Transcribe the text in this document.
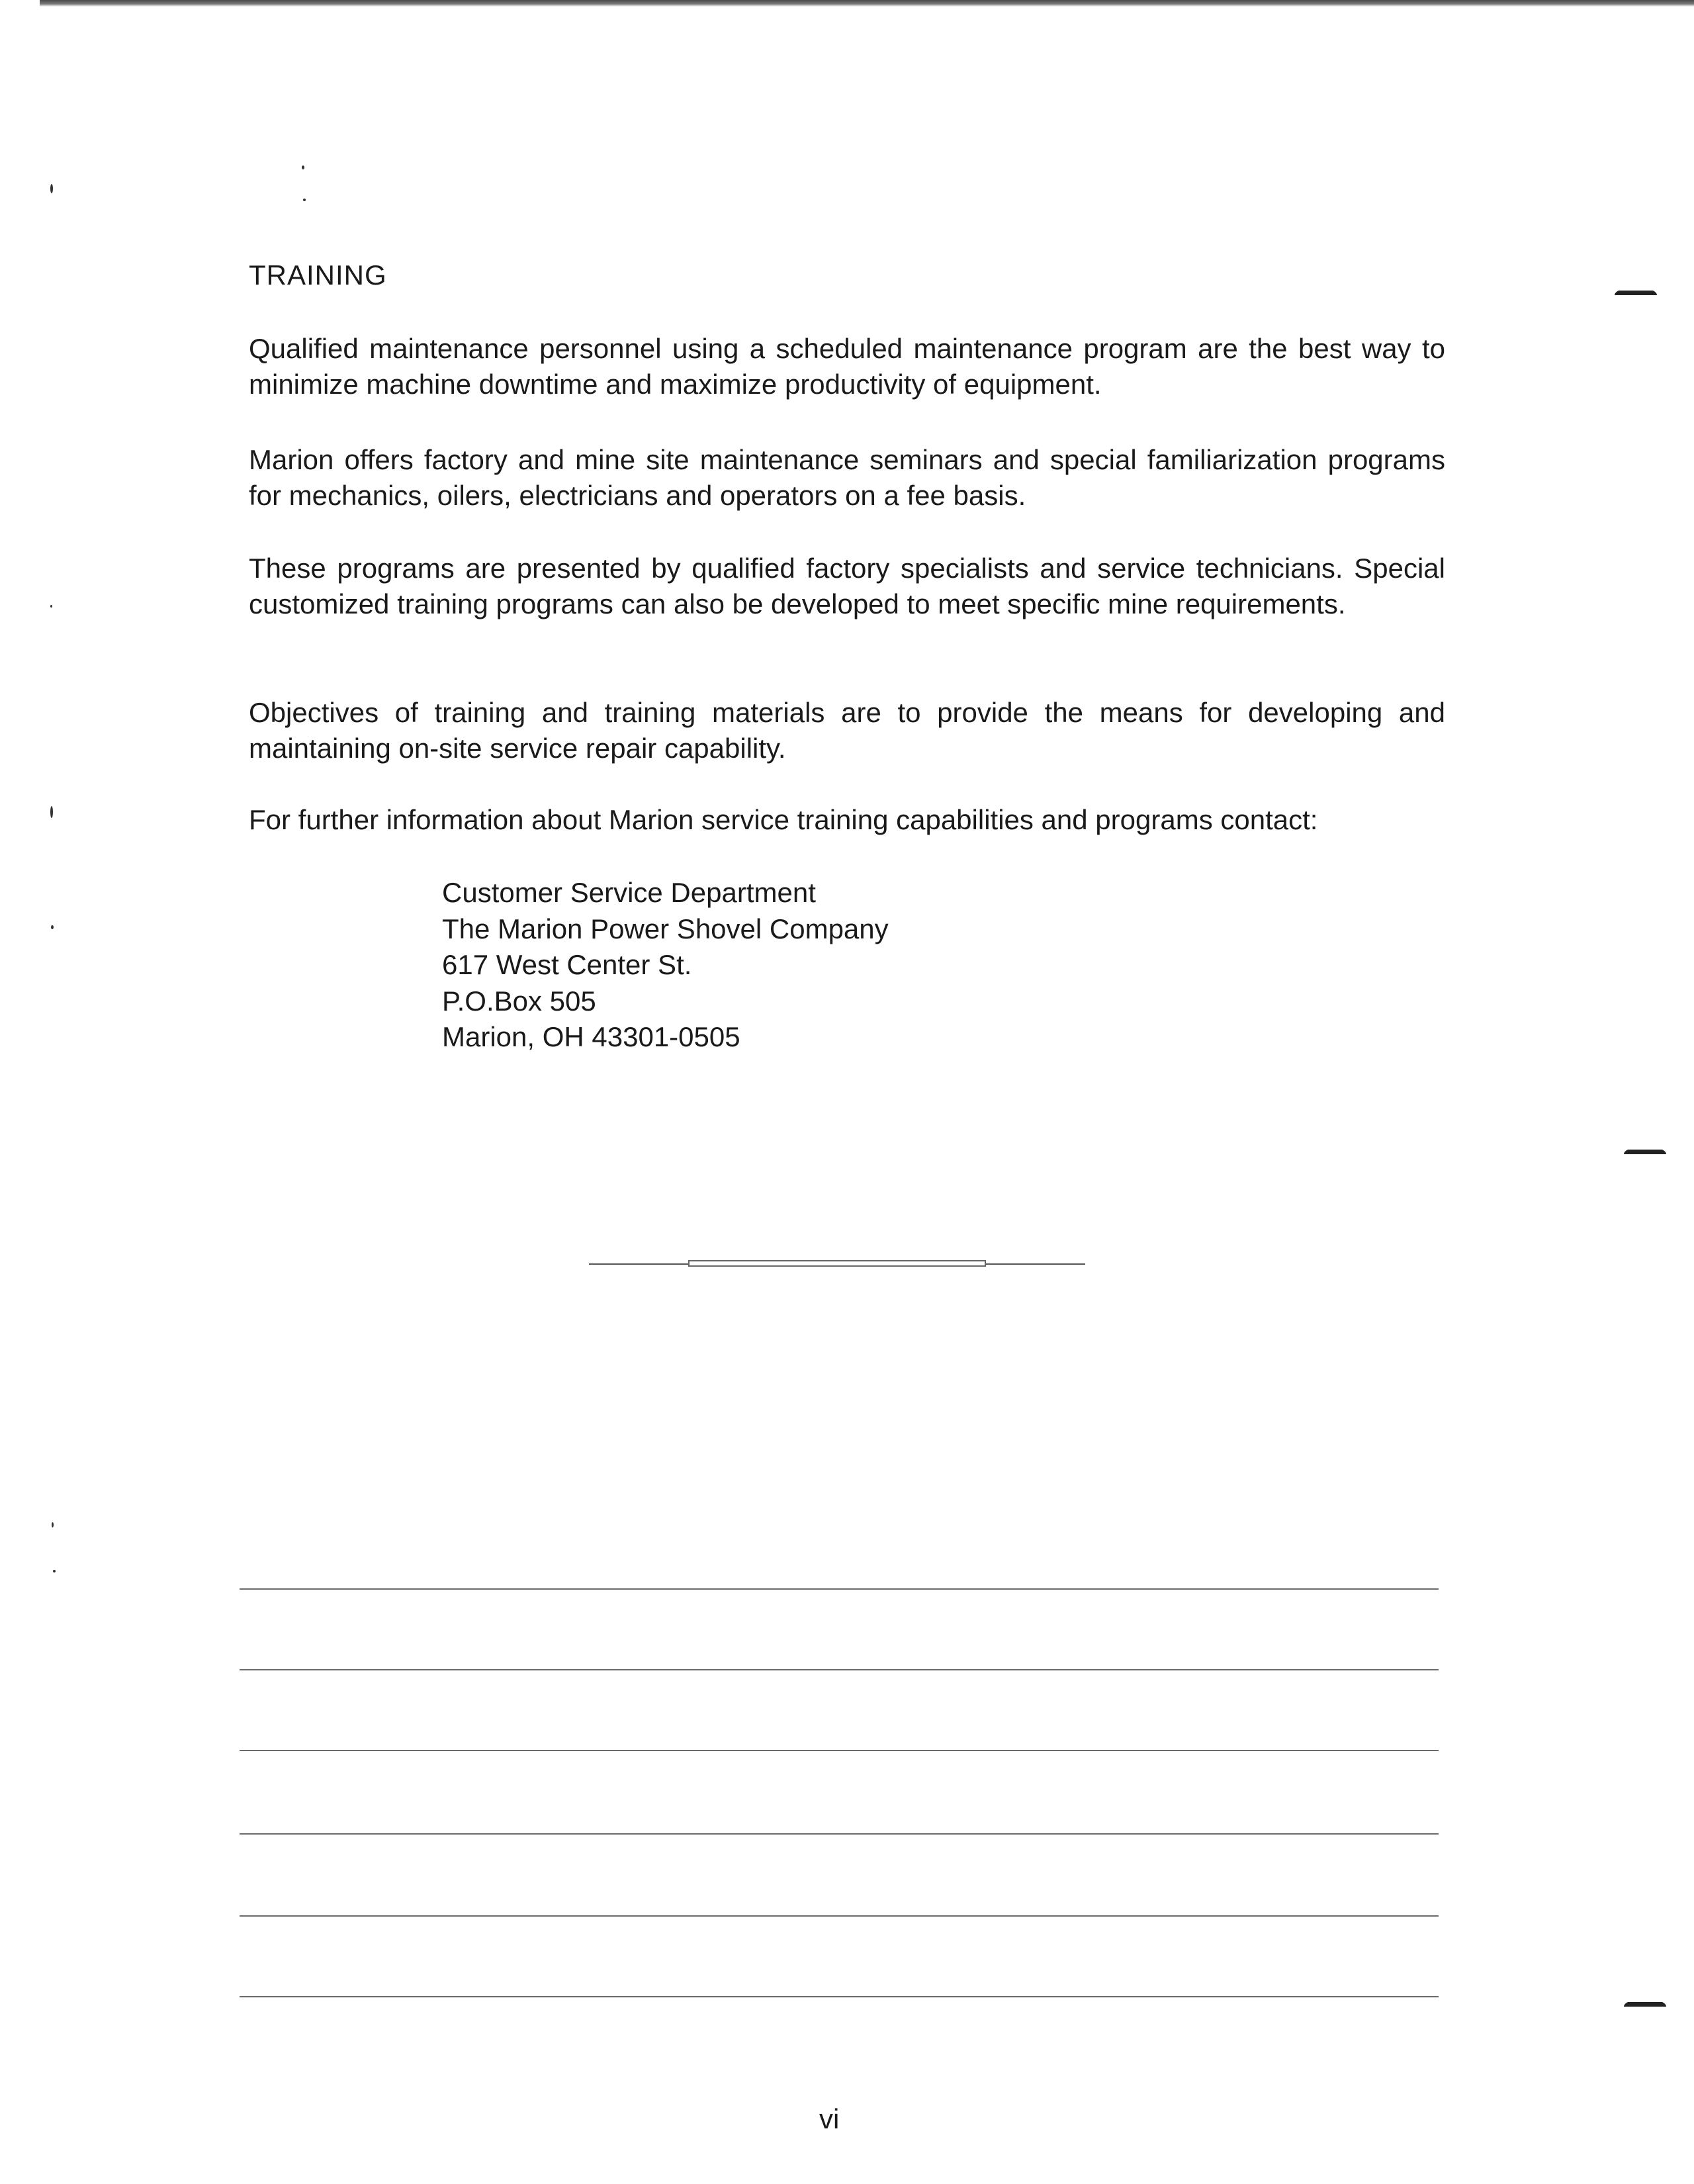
TRAINING

Qualified maintenance personnel using a scheduled maintenance program are the best way to minimize machine downtime and maximize productivity of equipment.

Marion offers factory and mine site maintenance seminars and special familiarization programs for mechanics, oilers, electricians and operators on a fee basis.

These programs are presented by qualified factory specialists and service technicians. Special customized training programs can also be developed to meet specific mine requirements.

Objectives of training and training materials are to provide the means for developing and maintaining on-site service repair capability.

For further information about Marion service training capabilities and programs contact:

Customer Service Department
The Marion Power Shovel Company
617 West Center St.
P.O.Box 505
Marion, OH 43301-0505
vi
